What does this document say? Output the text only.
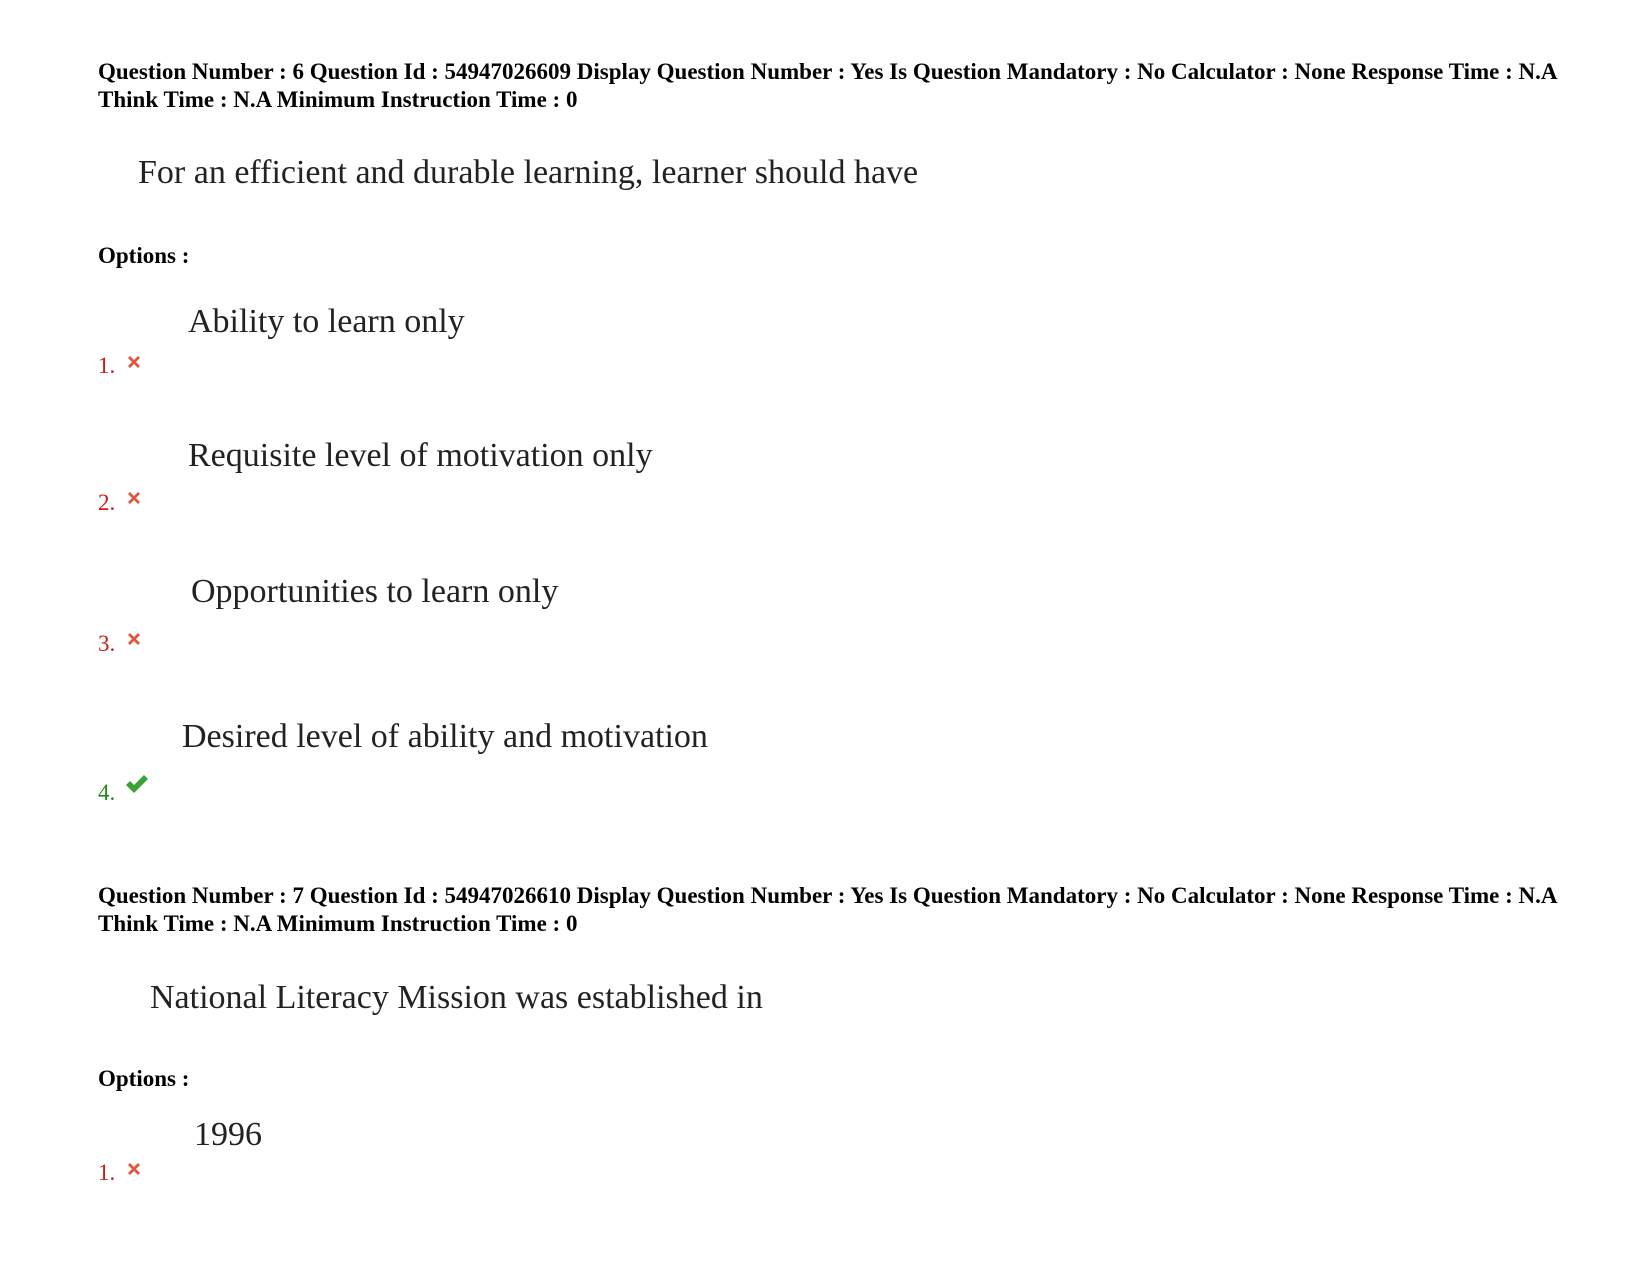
Question Number : 6 Question Id : 54947026609 Display Question Number : Yes Is Question Mandatory : No Calculator : None Response Time : N.A Think Time : N.A Minimum Instruction Time : 0
For an efficient and durable learning, learner should have
Options :
Ability to learn only
1.
Requisite level of motivation only
2.
Opportunities to learn only
3.
Desired level of ability and motivation
4.
Question Number : 7 Question Id : 54947026610 Display Question Number : Yes Is Question Mandatory : No Calculator : None Response Time : N.A Think Time : N.A Minimum Instruction Time : 0
National Literacy Mission was established in
Options :
1996
1.
